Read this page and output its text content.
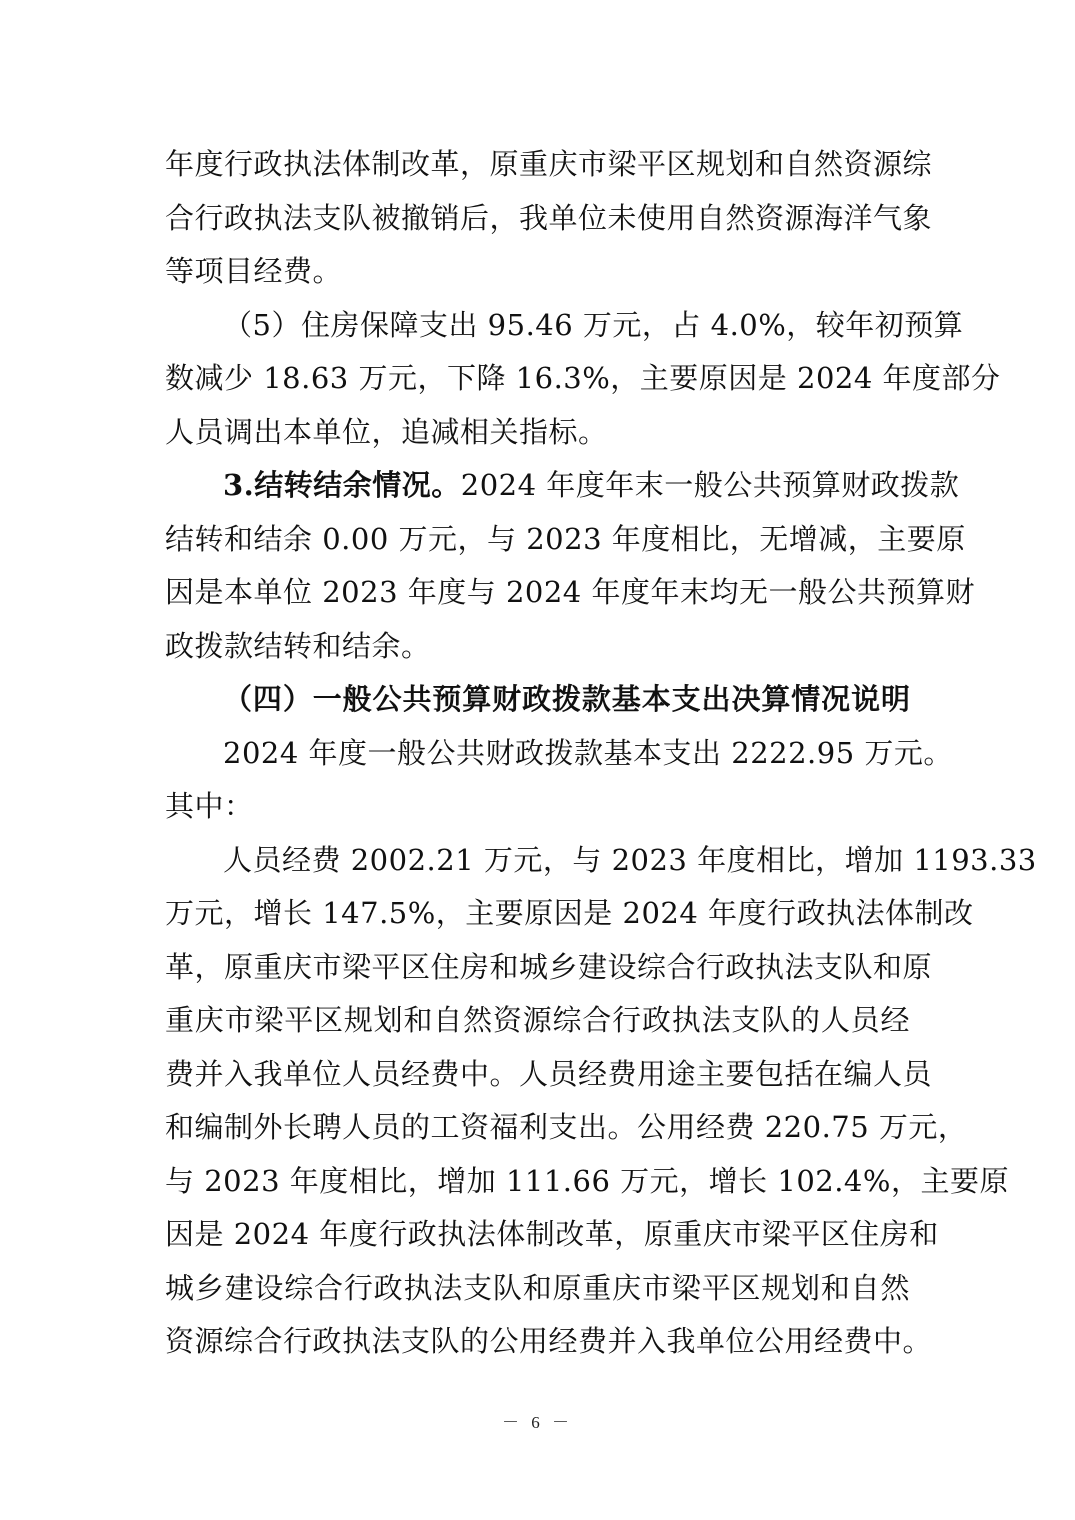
年度行政执法体制改革，原重庆市梁平区规划和自然资源综
合行政执法支队被撤销后，我单位未使用自然资源海洋气象
等项目经费。
（5）住房保障支出 95.46 万元，占 4.0%，较年初预算
数减少 18.63 万元，下降 16.3%，主要原因是 2024 年度部分
人员调出本单位，追减相关指标。
3.结转结余情况。2024 年度年末一般公共预算财政拨款
结转和结余 0.00 万元，与 2023 年度相比，无增减，主要原
因是本单位 2023 年度与 2024 年度年末均无一般公共预算财
政拨款结转和结余。
（四）一般公共预算财政拨款基本支出决算情况说明
2024 年度一般公共财政拨款基本支出 2222.95 万元。
其中：
人员经费 2002.21 万元，与 2023 年度相比，增加 1193.33
万元，增长 147.5%，主要原因是 2024 年度行政执法体制改
革，原重庆市梁平区住房和城乡建设综合行政执法支队和原
重庆市梁平区规划和自然资源综合行政执法支队的人员经
费并入我单位人员经费中。人员经费用途主要包括在编人员
和编制外长聘人员的工资福利支出。公用经费 220.75 万元，
与 2023 年度相比，增加 111.66 万元，增长 102.4%，主要原
因是 2024 年度行政执法体制改革，原重庆市梁平区住房和
城乡建设综合行政执法支队和原重庆市梁平区规划和自然
资源综合行政执法支队的公用经费并入我单位公用经费中。
－ 6 －
